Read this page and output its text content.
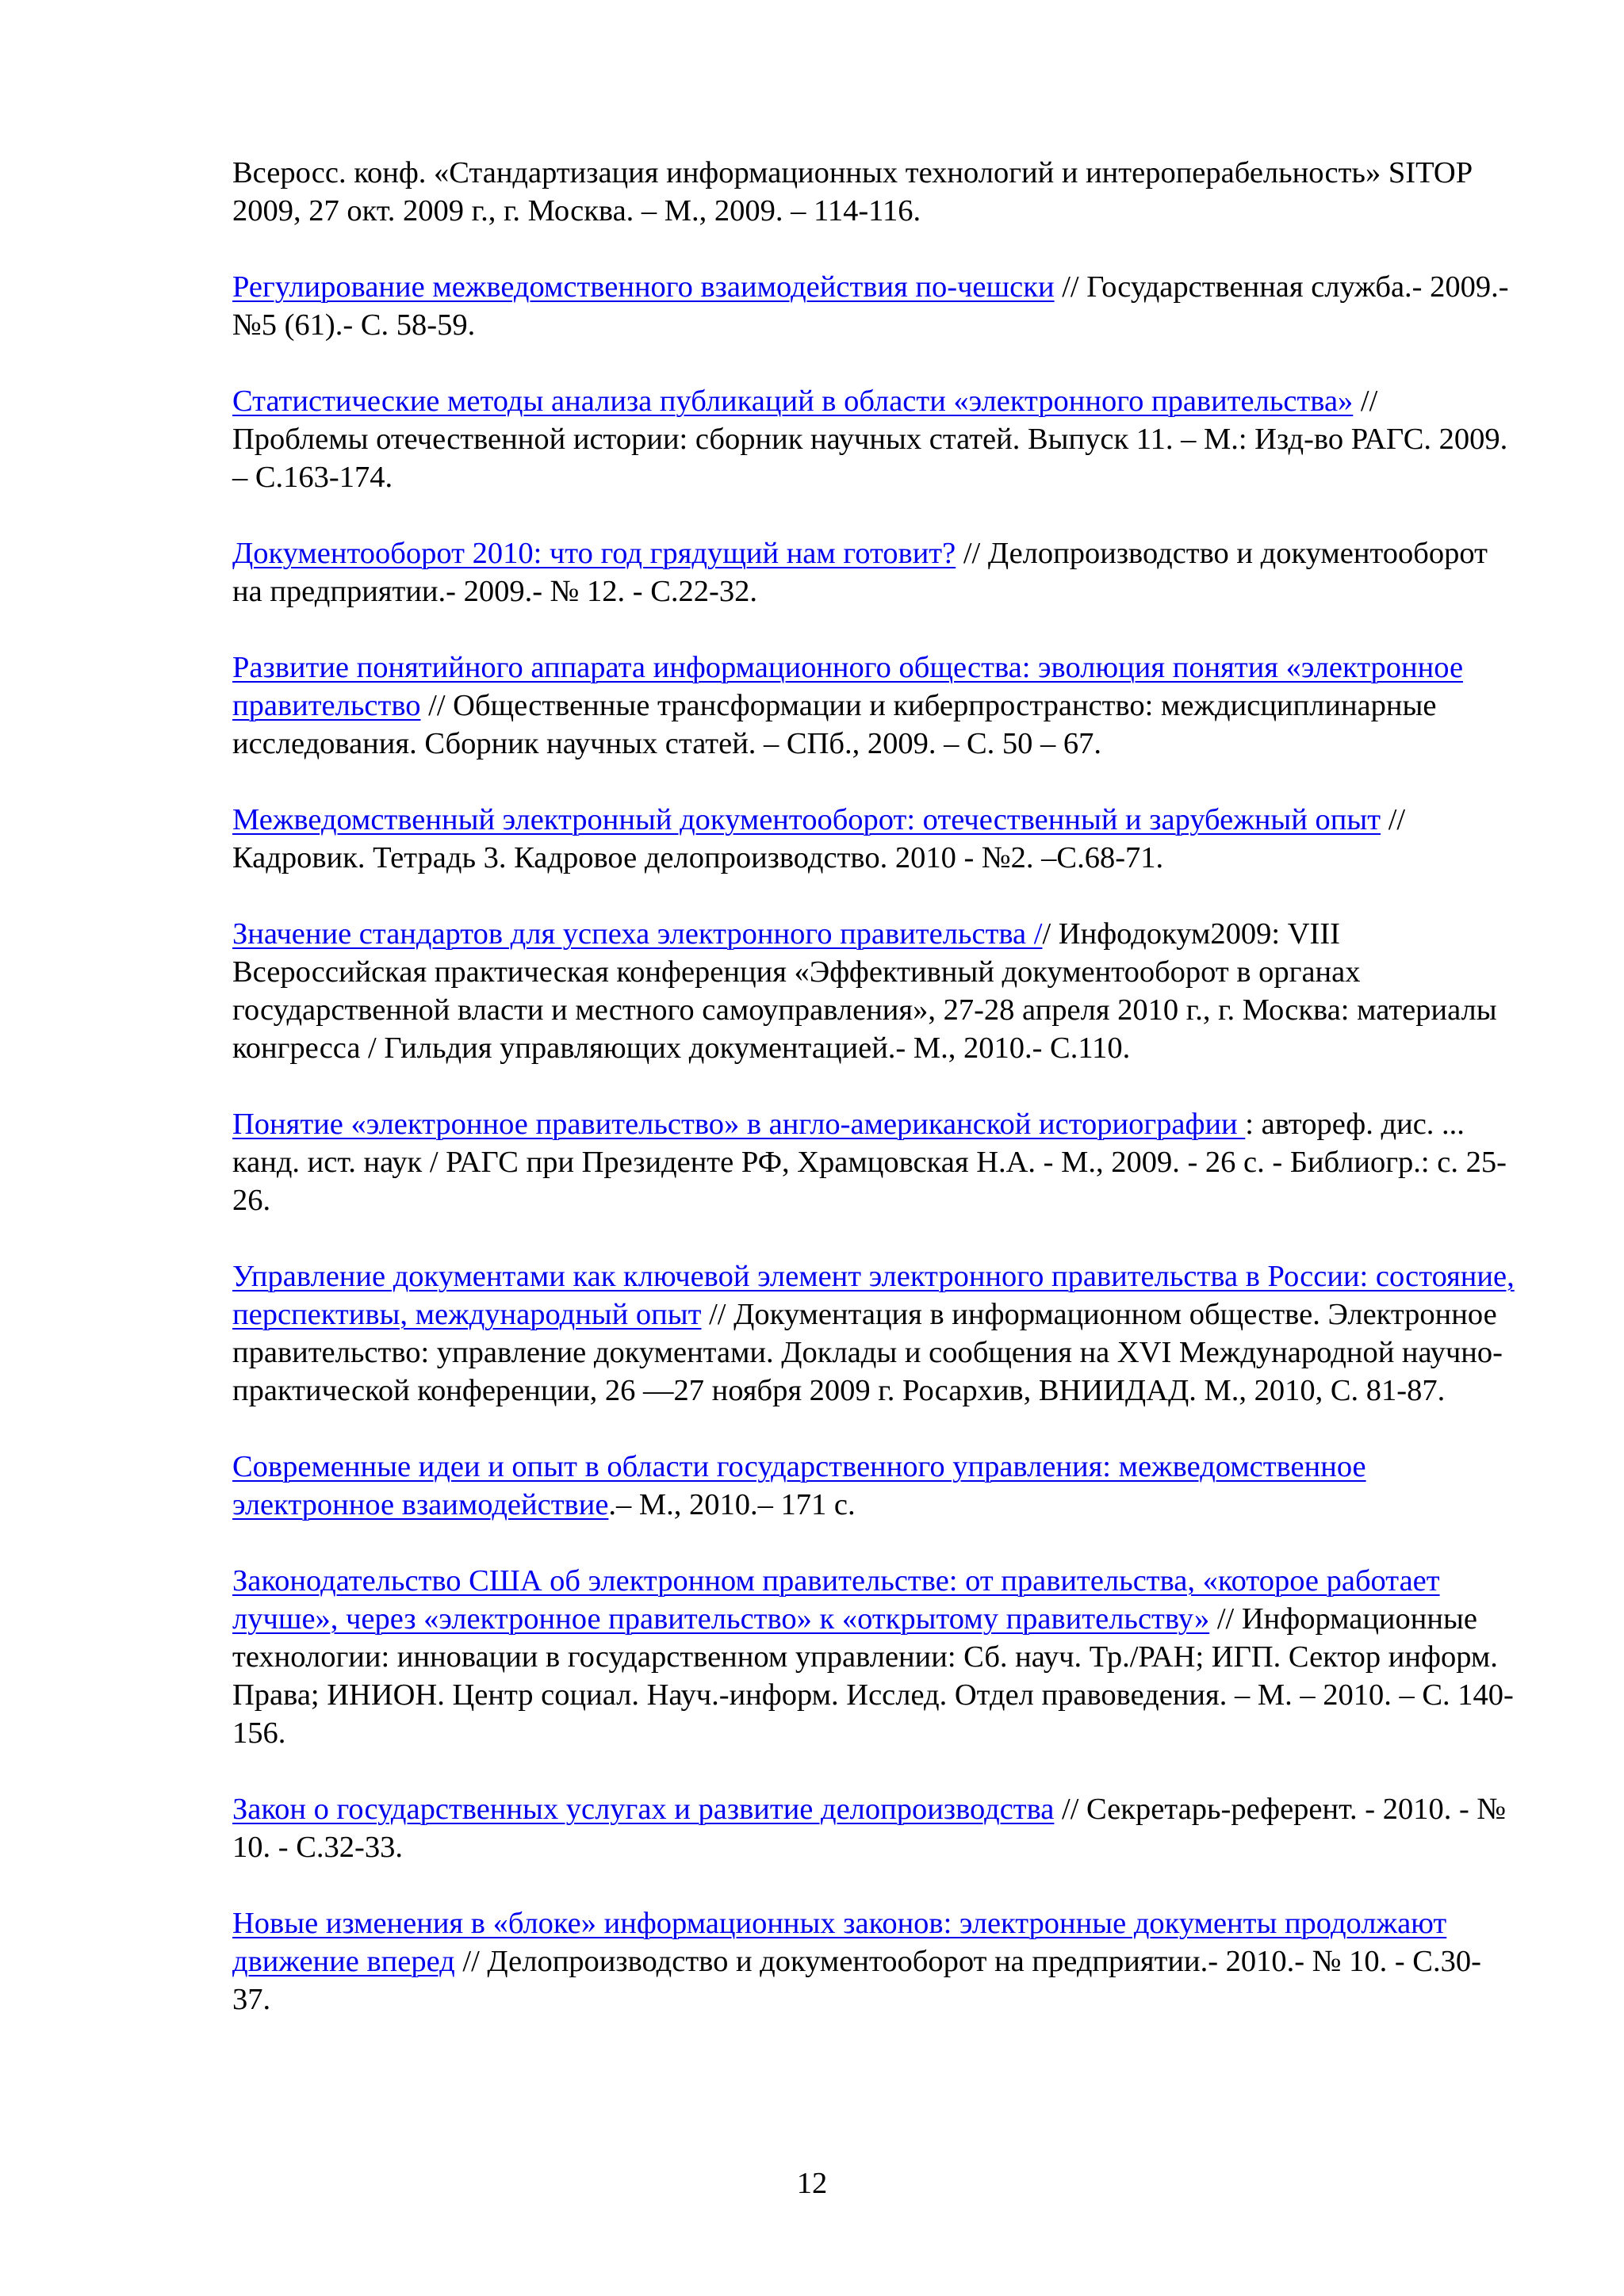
Всеросс. конф. «Стандартизация информационных технологий и интероперабельность» SITOP 2009, 27 окт. 2009 г., г. Москва. – М., 2009. – 114-116.

Регулирование межведомственного взаимодействия по-чешски // Государственная служба.- 2009.- №5 (61).- С. 58-59.

Статистические методы анализа публикаций в области «электронного правительства» // Проблемы отечественной истории: сборник научных статей. Выпуск 11. – М.: Изд-во РАГС. 2009. – С.163-174.

Документооборот 2010: что год грядущий нам готовит? // Делопроизводство и документооборот на предприятии.- 2009.- № 12. - С.22-32.

Развитие понятийного аппарата информационного общества: эволюция понятия «электронное правительство // Общественные трансформации и киберпространство: междисциплинарные исследования. Сборник научных статей. – СПб., 2009. – С. 50 – 67.

Межведомственный электронный документооборот: отечественный и зарубежный опыт // Кадровик. Тетрадь 3. Кадровое делопроизводство. 2010 - №2. –С.68-71.

Значение стандартов для успеха электронного правительства // Инфодокум2009: VIII Всероссийская практическая конференция «Эффективный документооборот в органах государственной власти и местного самоуправления», 27-28 апреля 2010 г., г. Москва: материалы конгресса / Гильдия управляющих документацией.- М., 2010.- С.110.

Понятие «электронное правительство» в англо-американской историографии : автореф. дис. ... канд. ист. наук / РАГС при Президенте РФ, Храмцовская Н.А. - М., 2009. - 26 с. - Библиогр.: с. 25-26.

Управление документами как ключевой элемент электронного правительства в России: состояние, перспективы, международный опыт // Документация в информационном обществе. Электронное правительство: управление документами. Доклады и сообщения на XVI Международной научно-практической конференции, 26 —27 ноября 2009 г. Росархив, ВНИИДАД. М., 2010, С. 81-87.

Современные идеи и опыт в области государственного управления: межведомственное электронное взаимодействие.– М., 2010.– 171 с.

Законодательство США об электронном правительстве: от правительства, «которое работает лучше», через «электронное правительство» к «открытому правительству» // Информационные технологии: инновации в государственном управлении: Сб. науч. Тр./РАН; ИГП. Сектор информ. Права; ИНИОН. Центр социал. Науч.-информ. Исслед. Отдел правоведения. – М. – 2010. – С. 140-156.

Закон о государственных услугах и развитие делопроизводства // Секретарь-референт. - 2010. - № 10. - С.32-33.

Новые изменения в «блоке» информационных законов: электронные документы продолжают движение вперед // Делопроизводство и документооборот на предприятии.- 2010.- № 10. - С.30-37.

12
